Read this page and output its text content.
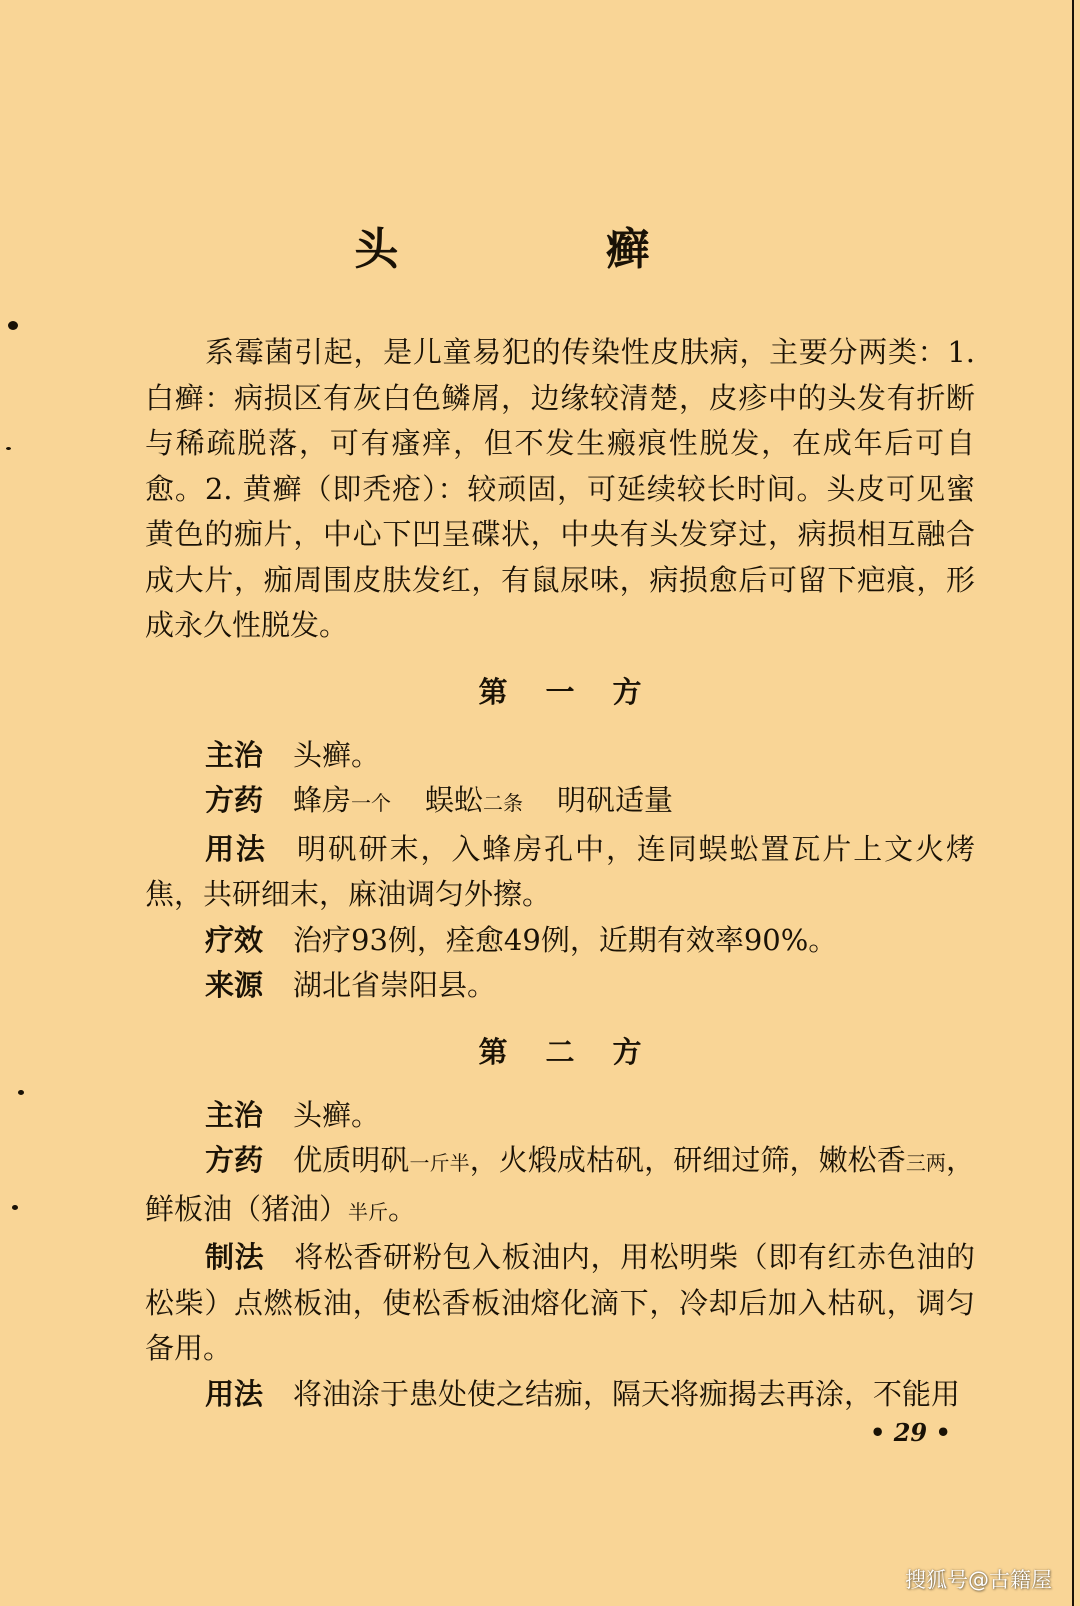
头 癣

系霉菌引起，是儿童易犯的传染性皮肤病，主要分两类：1. 白癣：病损区有灰白色鳞屑，边缘较清楚，皮疹中的头发有折断与稀疏脱落，可有瘙痒，但不发生瘢痕性脱发，在成年后可自愈。2. 黄癣（即秃疮）：较顽固，可延续较长时间。头皮可见蜜黄色的痂片，中心下凹呈碟状，中央有头发穿过，病损相互融合成大片，痂周围皮肤发红，有鼠尿味，病损愈后可留下疤痕，形成永久性脱发。

第一方

主治 头癣。

方药 蜂房一个 蜈蚣二条 明矾适量

用法 明矾研末，入蜂房孔中，连同蜈蚣置瓦片上文火烤焦，共研细末，麻油调匀外擦。

疗效 治疗93例，痊愈49例，近期有效率90%。

来源 湖北省崇阳县。

第二方

主治 头癣。

方药 优质明矾一斤半，火煅成枯矾，研细过筛，嫩松香三两，鲜板油（猪油）半斤。

制法 将松香研粉包入板油内，用松明柴（即有红赤色油的松柴）点燃板油，使松香板油熔化滴下，冷却后加入枯矾，调匀备用。

用法 将油涂于患处使之结痂，隔天将痂揭去再涂，不能用

• 29 •
搜狐号@古籍屋
